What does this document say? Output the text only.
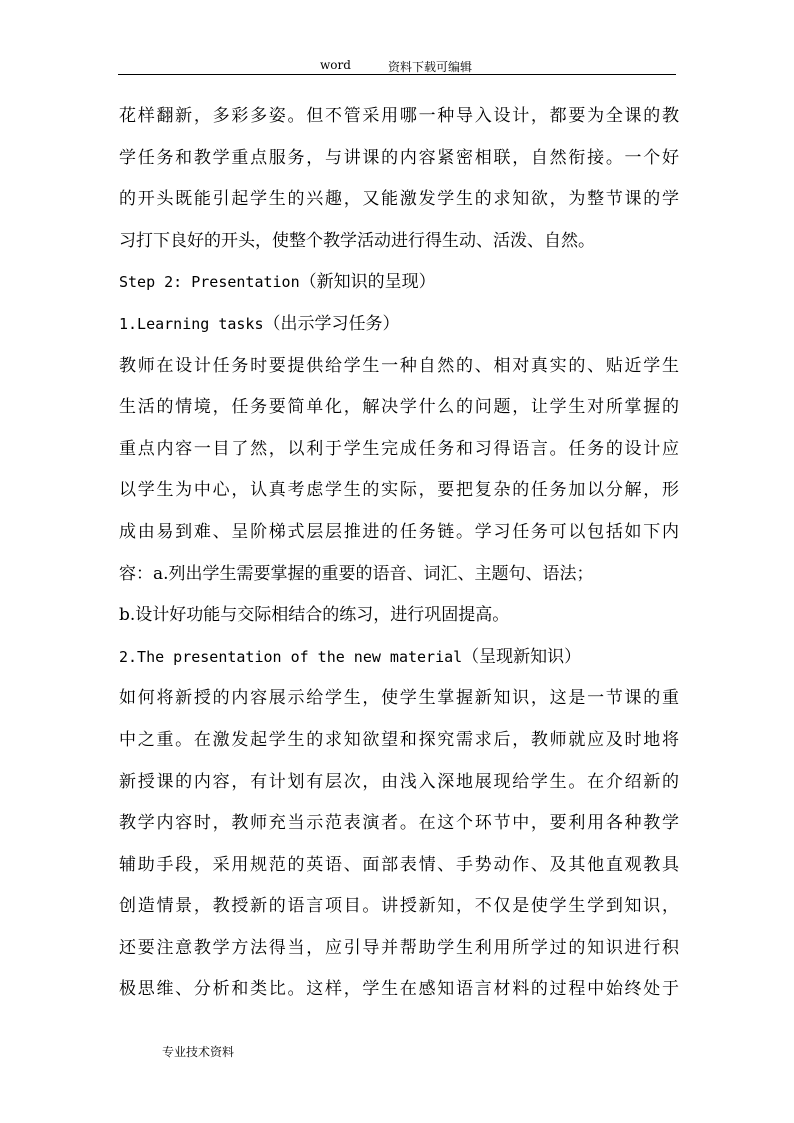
word	资料下载可编辑
花样翻新，多彩多姿。但不管采用哪一种导入设计，都要为全课的教
学任务和教学重点服务，与讲课的内容紧密相联，自然衔接。一个好
的开头既能引起学生的兴趣，又能激发学生的求知欲，为整节课的学
习打下良好的开头，使整个教学活动进行得生动、活泼、自然。
Step 2: Presentation（新知识的呈现）
1.Learning tasks（出示学习任务）
教师在设计任务时要提供给学生一种自然的、相对真实的、贴近学生
生活的情境，任务要简单化，解决学什么的问题，让学生对所掌握的
重点内容一目了然，以利于学生完成任务和习得语言。任务的设计应
以学生为中心，认真考虑学生的实际，要把复杂的任务加以分解，形
成由易到难、呈阶梯式层层推进的任务链。学习任务可以包括如下内
容：a.列出学生需要掌握的重要的语音、词汇、主题句、语法；
b.设计好功能与交际相结合的练习，进行巩固提高。
2.The presentation of the new material（呈现新知识）
如何将新授的内容展示给学生，使学生掌握新知识，这是一节课的重
中之重。在激发起学生的求知欲望和探究需求后，教师就应及时地将
新授课的内容，有计划有层次，由浅入深地展现给学生。在介绍新的
教学内容时，教师充当示范表演者。在这个环节中，要利用各种教学
辅助手段，采用规范的英语、面部表情、手势动作、及其他直观教具
创造情景，教授新的语言项目。讲授新知，不仅是使学生学到知识，
还要注意教学方法得当，应引导并帮助学生利用所学过的知识进行积
极思维、分析和类比。这样，学生在感知语言材料的过程中始终处于
专业技术资料
